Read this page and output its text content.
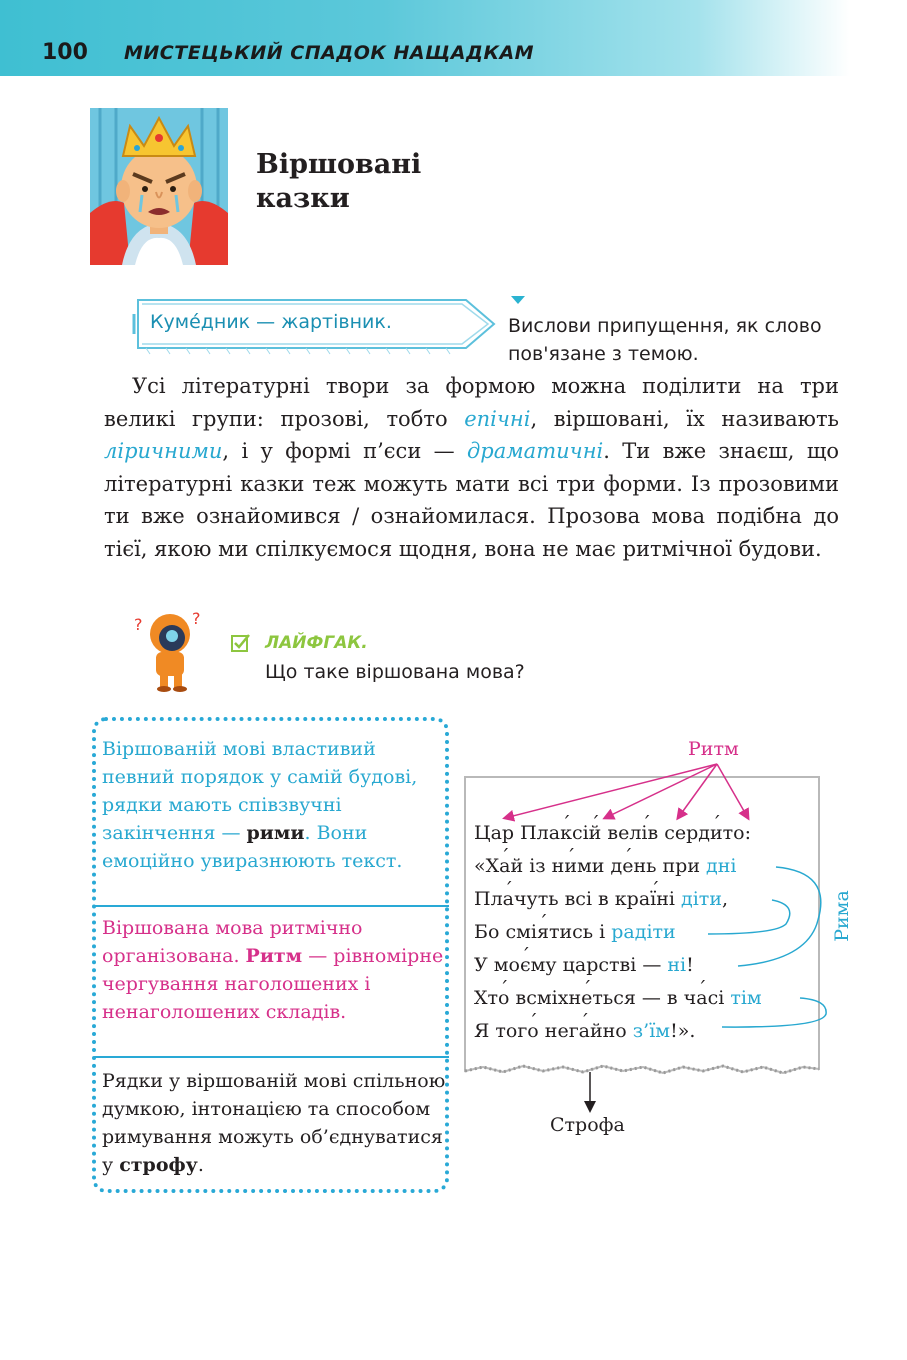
100 МИСТЕЦЬКИЙ СПАДОК НАЩАДКАМ
Віршовані казки
Куме́дник — жартівник.	Вислови припущення, як слово пов'язане з темою.

Усі літературні твори за формою можна поділити на три великі групи: прозові, тобто епічні, віршовані, їх називають ліричними, і у формі п’єси — драматичні. Ти вже знаєш, що літературні казки теж можуть мати всі три форми. Із прозовими ти вже ознайомився / ознайомилася. Прозова мова подібна до тієї, якою ми спілкуємося щодня, вона не має ритмічної будови.

?	?
ЛАЙФГАК.
Що таке віршована мова?

Віршованій мові властивий певний порядок у самій будові, рядки мають співзвучні закінчення — рими. Вони емоційно увиразнюють текст.

Віршована мова ритмічно організована. Ритм — рівномірне чергування наголошених і ненаголошених складів.

Рядки у віршованій мові спільною думкою, інтонацією та способом римування можуть об’єднуватися у строфу.

Ритм
Цар Пла´ ксі´ й вел´ ів серд´ ито:
«Х´ ай із н´ ими д´ ень при дні
Пл´ ачуть всі в кра´ їні діти,
Бо смі´ ятись і радіти
У мо´ єму царстві — ні!
Хт´ о всміхн´ еться — в ч´ асі тім
Я тог´ о нег´ айно з’їм!».
Рима
Строфа
